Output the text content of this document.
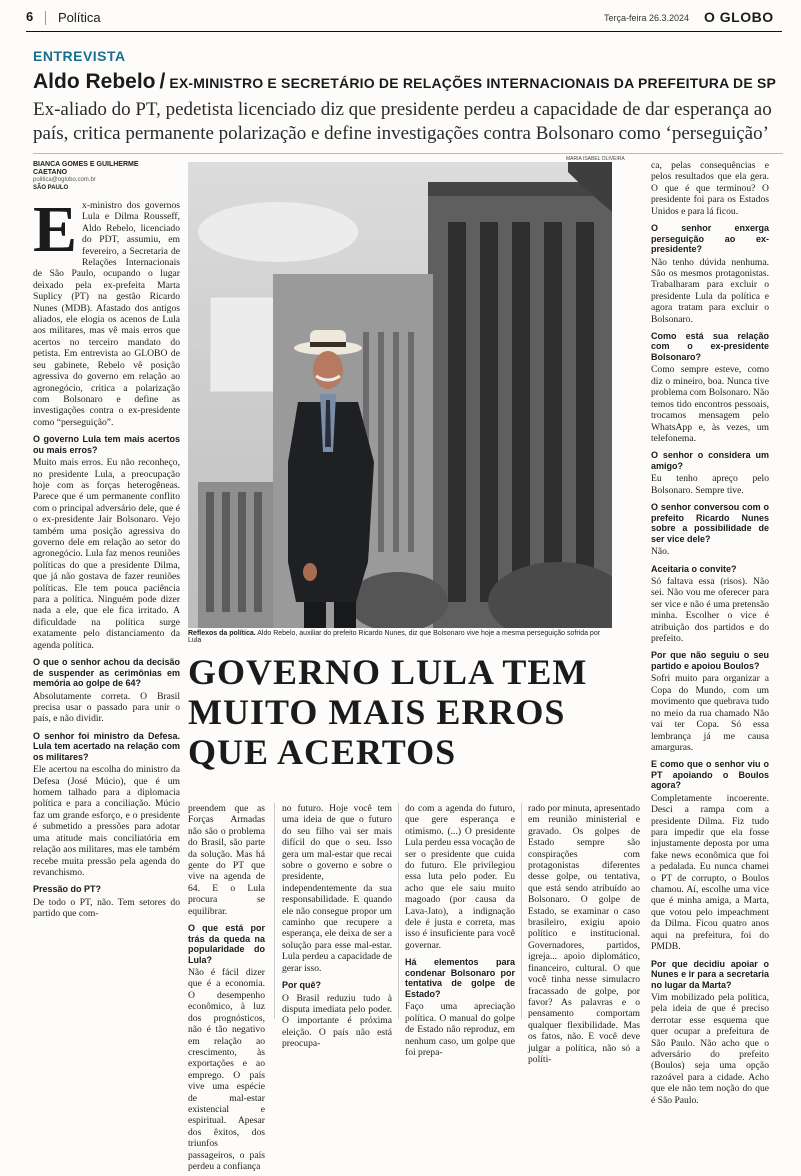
6 Política	Terça-feira 26.3.2024 O GLOBO
ENTREVISTA
Aldo Rebelo / EX-MINISTRO E SECRETÁRIO DE RELAÇÕES INTERNACIONAIS DA PREFEITURA DE SP
Ex-aliado do PT, pedetista licenciado diz que presidente perdeu a capacidade de dar esperança ao país, critica permanente polarização e define investigações contra Bolsonaro como ‘perseguição’
BIANCA GOMES E GUILHERME CAETANO
politica@oglobo.com.br
SÃO PAULO

Ex-ministro dos governos Lula e Dilma Rousseff, Aldo Rebelo, licenciado do PDT, assumiu, em fevereiro, a Secretaria de Relações Internacionais de São Paulo, ocupando o lugar deixado pela ex-prefeita Marta Suplicy (PT) na gestão Ricardo Nunes (MDB). Afastado dos antigos aliados, ele elogia os acenos de Lula aos militares, mas vê mais erros que acertos no terceiro mandato do petista. Em entrevista ao GLOBO de seu gabinete, Rebelo vê posição agressiva do governo em relação ao agronegócio, critica a polarização com Bolsonaro e define as investigações contra o ex-presidente como “perseguição”.

O governo Lula tem mais acertos ou mais erros?

Muito mais erros. Eu não reconheço, no presidente Lula, a preocupação hoje com as forças heterogêneas. Parece que é um permanente conflito com o principal adversário dele, que é o ex-presidente Jair Bolsonaro. Vejo também uma posição agressiva do governo dele em relação ao setor do agronegócio. Lula faz menos reuniões políticas do que a presidente Dilma, que já não gostava de fazer reuniões políticas. Ele tem pouca paciência para a política. Ninguém pode dizer nada a ele, que ele fica irritado. A dificuldade na política surge exatamente pelo distanciamento da agenda política.

O que o senhor achou da decisão de suspender as cerimônias em memória ao golpe de 64?

Absolutamente correta. O Brasil precisa usar o passado para unir o país, e não dividir.

O senhor foi ministro da Defesa. Lula tem acertado na relação com os militares?

Ele acertou na escolha do ministro da Defesa (José Múcio), que é um homem talhado para a diplomacia política e para a conciliação. Múcio faz um grande esforço, e o presidente é submetido a pressões para adotar uma atitude mais conciliatória em relação aos militares, mas ele também recebe muita pressão pela agenda do revanchismo.

Pressão do PT?

De todo o PT, não. Tem setores do partido que com-

MARIA ISABEL OLIVEIRA
Reflexos da política. Aldo Rebelo, auxiliar do prefeito Ricardo Nunes, diz que Bolsonaro vive hoje a mesma perseguição sofrida por Lula
GOVERNO LULA TEM MUITO MAIS ERROS QUE ACERTOS

preendem que as Forças Armadas não são o problema do Brasil, são parte da solução. Mas há gente do PT que vive na agenda de 64. E o Lula procura se equilibrar.

O que está por trás da queda na popularidade do Lula?

Não é fácil dizer que é a economia. O desempenho econômico, à luz dos prognósticos, não é tão negativo em relação ao crescimento, às exportações e ao emprego. O país vive uma espécie de mal-estar existencial e espiritual. Apesar dos êxitos, dos triunfos passageiros, o país perdeu a confiança

no futuro. Hoje você tem uma ideia de que o futuro do seu filho vai ser mais difícil do que o seu. Isso gera um mal-estar que recai sobre o governo e sobre o presidente, independentemente da sua responsabilidade. E quando ele não consegue propor um caminho que recupere a esperança, ele deixa de ser a solução para esse mal-estar. Lula perdeu a capacidade de gerar isso.

Por quê?

O Brasil reduziu tudo à disputa imediata pelo poder. O importante é próxima eleição. O país não está preocupa-

do com a agenda do futuro, que gere esperança e otimismo. (...) O presidente Lula perdeu essa vocação de ser o presidente que cuida do futuro. Ele privilegiou essa luta pelo poder. Eu acho que ele saiu muito magoado (por causa da Lava-Jato), a indignação dele é justa e correta, mas isso é insuficiente para você governar.

Há elementos para condenar Bolsonaro por tentativa de golpe de Estado?

Faço uma apreciação política. O manual do golpe de Estado não reproduz, em nenhum caso, um golpe que foi prepa-

rado por minuta, apresentado em reunião ministerial e gravado. Os golpes de Estado sempre são conspirações com protagonistas diferentes desse golpe, ou tentativa, que está sendo atribuído ao Bolsonaro. O golpe de Estado, se examinar o caso brasileiro, exigiu apoio político e institucional. Governadores, partidos, igreja... apoio diplomático, financeiro, cultural. O que você tinha nesse simulacro fracassado de golpe, por favor? As palavras e o pensamento comportam qualquer flexibilidade. Mas os fatos, não. E você deve julgar a política, não só a políti-

ca, pelas consequências e pelos resultados que ela gera. O que é que terminou? O presidente foi para os Estados Unidos e para lá ficou.

O senhor enxerga perseguição ao ex-presidente?

Não tenho dúvida nenhuma. São os mesmos protagonistas. Trabalharam para excluir o presidente Lula da política e agora tratam para excluir o Bolsonaro.

Como está sua relação com o ex-presidente Bolsonaro?

Como sempre esteve, como diz o mineiro, boa. Nunca tive problema com Bolsonaro. Não temos tido encontros pessoais, trocamos mensagem pelo WhatsApp e, às vezes, um telefonema.

O senhor o considera um amigo?

Eu tenho apreço pelo Bolsonaro. Sempre tive.

O senhor conversou com o prefeito Ricardo Nunes sobre a possibilidade de ser vice dele?

Não.

Aceitaria o convite?

Só faltava essa (risos). Não sei. Não vou me oferecer para ser vice e não é uma pretensão minha. Escolher o vice é atribuição dos partidos e do prefeito.

Por que não seguiu o seu partido e apoiou Boulos?

Sofri muito para organizar a Copa do Mundo, com um movimento que quebrava tudo no meio da rua chamado Não vai ter Copa. Só essa lembrança já me causa amarguras.

E como que o senhor viu o PT apoiando o Boulos agora?

Completamente incoerente. Desci a rampa com a presidente Dilma. Fiz tudo para impedir que ela fosse injustamente deposta por uma fake news econômica que foi a pedalada. Eu nunca chamei o PT de corrupto, o Boulos chamou. Aí, escolhe uma vice que é minha amiga, a Marta, que votou pelo impeachment da Dilma. Ficou quatro anos aqui na prefeitura, foi do PMDB.

Por que decidiu apoiar o Nunes e ir para a secretaria no lugar da Marta?

Vim mobilizado pela política, pela ideia de que é preciso derrotar esse esquema que quer ocupar a prefeitura de São Paulo. Não acho que o adversário do prefeito (Boulos) seja uma opção razoável para a cidade. Acho que ele não tem noção do que é São Paulo.
